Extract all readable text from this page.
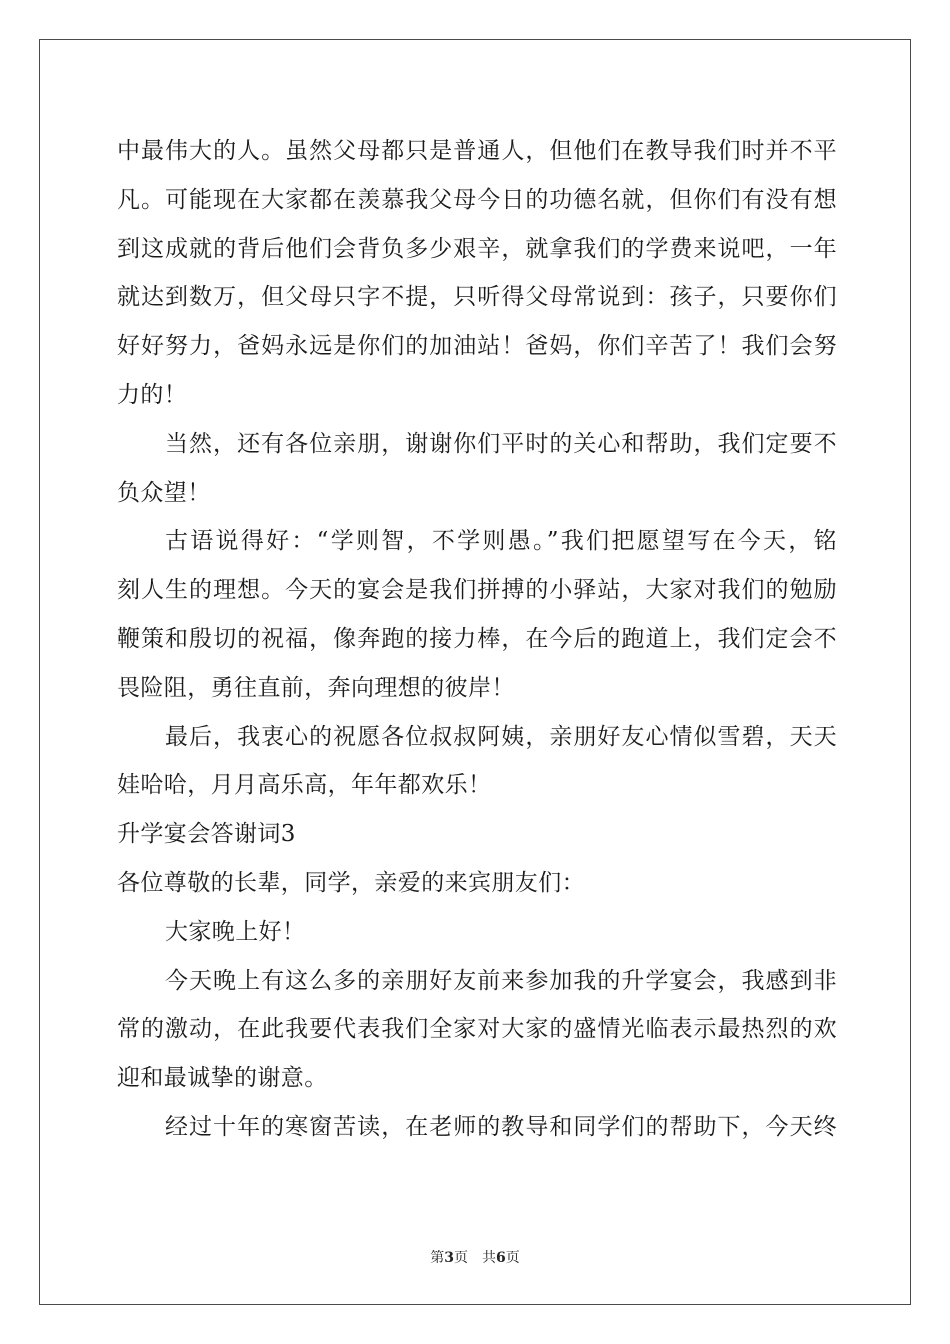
中最伟大的人。虽然父母都只是普通人，但他们在教导我们时并不平
凡。可能现在大家都在羡慕我父母今日的功德名就，但你们有没有想
到这成就的背后他们会背负多少艰辛，就拿我们的学费来说吧，一年
就达到数万，但父母只字不提，只听得父母常说到：孩子，只要你们
好好努力，爸妈永远是你们的加油站！爸妈，你们辛苦了！我们会努
力的！
当然，还有各位亲朋，谢谢你们平时的关心和帮助，我们定要不
负众望！
古语说得好：“学则智，不学则愚。”我们把愿望写在今天，铭
刻人生的理想。今天的宴会是我们拼搏的小驿站，大家对我们的勉励
鞭策和殷切的祝福，像奔跑的接力棒，在今后的跑道上，我们定会不
畏险阻，勇往直前，奔向理想的彼岸！
最后，我衷心的祝愿各位叔叔阿姨，亲朋好友心情似雪碧，天天
娃哈哈，月月高乐高，年年都欢乐！
升学宴会答谢词3
各位尊敬的长辈，同学，亲爱的来宾朋友们：
大家晚上好！
今天晚上有这么多的亲朋好友前来参加我的升学宴会，我感到非
常的激动，在此我要代表我们全家对大家的盛情光临表示最热烈的欢
迎和最诚挚的谢意。
经过十年的寒窗苦读，在老师的教导和同学们的帮助下，今天终
第3页 共6页
